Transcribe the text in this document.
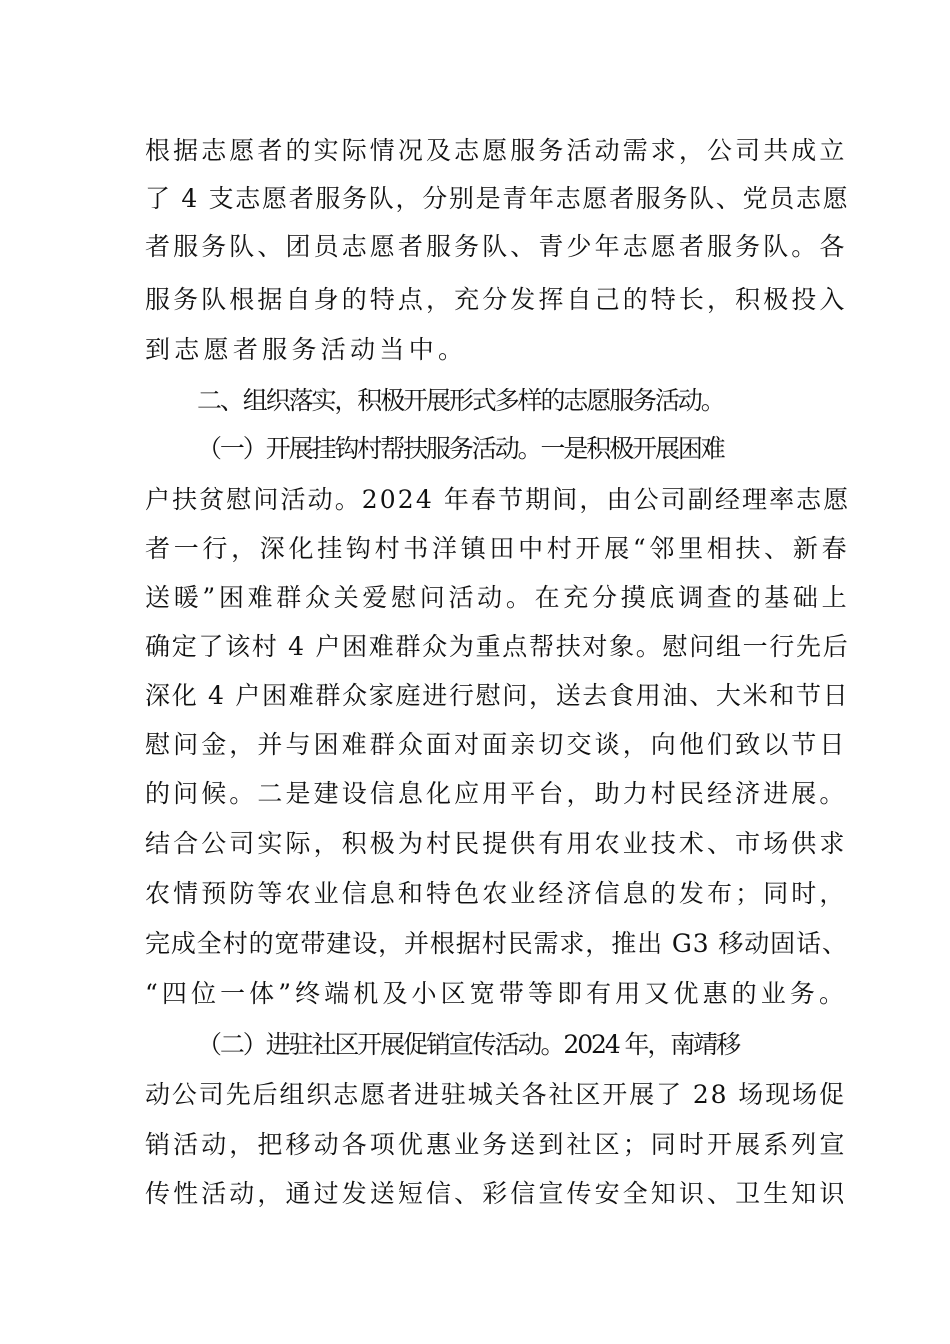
根据志愿者的实际情况及志愿服务活动需求，公司共成立
了 4 支志愿者服务队，分别是青年志愿者服务队、党员志愿
者服务队、团员志愿者服务队、青少年志愿者服务队。各
服务队根据自身的特点，充分发挥自己的特长，积极投入
到志愿者服务活动当中。
二、组织落实，积极开展形式多样的志愿服务活动。
（一）开展挂钩村帮扶服务活动。一是积极开展困难
户扶贫慰问活动。2024 年春节期间，由公司副经理率志愿
者一行，深化挂钩村书洋镇田中村开展“邻里相扶、新春
送暖”困难群众关爱慰问活动。在充分摸底调查的基础上
确定了该村 4 户困难群众为重点帮扶对象。慰问组一行先后
深化 4 户困难群众家庭进行慰问，送去食用油、大米和节日
慰问金，并与困难群众面对面亲切交谈，向他们致以节日
的问候。二是建设信息化应用平台，助力村民经济进展。
结合公司实际，积极为村民提供有用农业技术、市场供求
农情预防等农业信息和特色农业经济信息的发布；同时，
完成全村的宽带建设，并根据村民需求，推出 G3 移动固话、
“四位一体”终端机及小区宽带等即有用又优惠的业务。
（二）进驻社区开展促销宣传活动。2024 年，南靖移
动公司先后组织志愿者进驻城关各社区开展了 28 场现场促
销活动，把移动各项优惠业务送到社区；同时开展系列宣
传性活动，通过发送短信、彩信宣传安全知识、卫生知识
